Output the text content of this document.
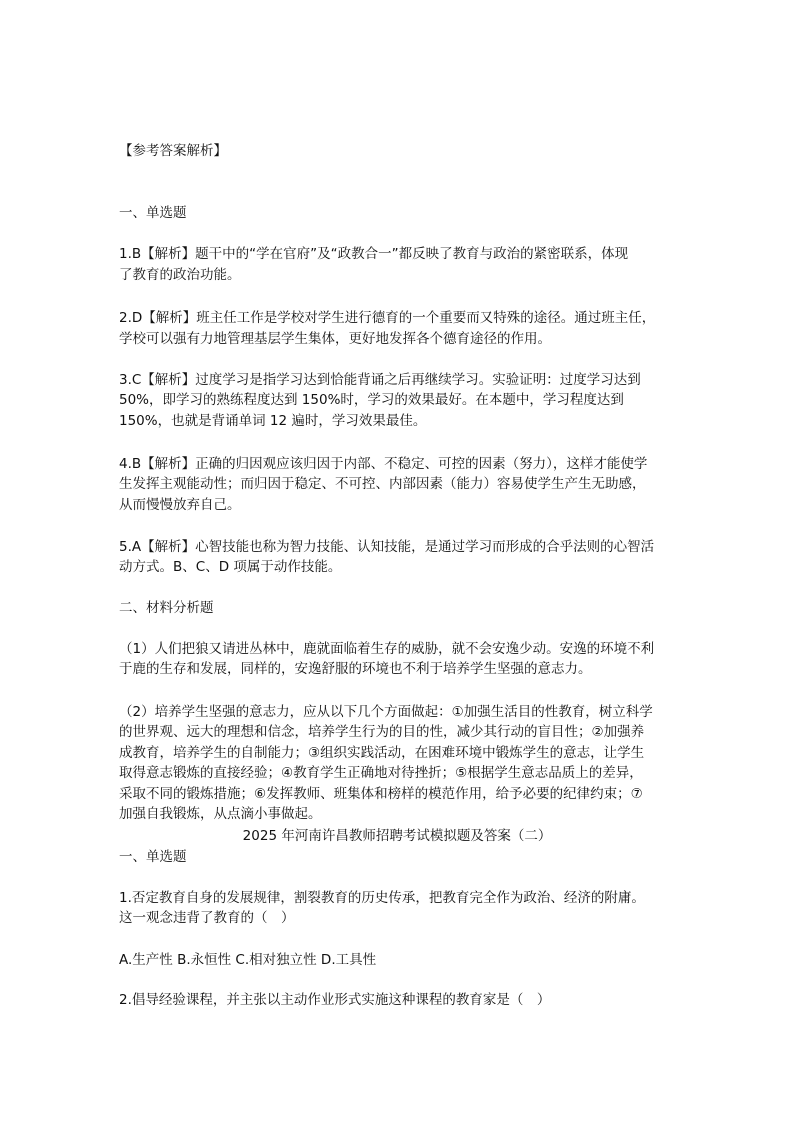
【参考答案解析】
一、单选题
1.B【解析】题干中的“学在官府”及“政教合一”都反映了教育与政治的紧密联系，体现
了教育的政治功能。
2.D【解析】班主任工作是学校对学生进行德育的一个重要而又特殊的途径。通过班主任，
学校可以强有力地管理基层学生集体，更好地发挥各个德育途径的作用。
3.C【解析】过度学习是指学习达到恰能背诵之后再继续学习。实验证明：过度学习达到
50%，即学习的熟练程度达到 150%时，学习的效果最好。在本题中，学习程度达到
150%，也就是背诵单词 12 遍时，学习效果最佳。
4.B【解析】正确的归因观应该归因于内部、不稳定、可控的因素（努力），这样才能使学
生发挥主观能动性；而归因于稳定、不可控、内部因素（能力）容易使学生产生无助感，
从而慢慢放弃自己。
5.A【解析】心智技能也称为智力技能、认知技能，是通过学习而形成的合乎法则的心智活
动方式。B、C、D 项属于动作技能。
二、材料分析题
（1）人们把狼又请进丛林中，鹿就面临着生存的威胁，就不会安逸少动。安逸的环境不利
于鹿的生存和发展，同样的，安逸舒服的环境也不利于培养学生坚强的意志力。
（2）培养学生坚强的意志力，应从以下几个方面做起：①加强生活目的性教育，树立科学
的世界观、远大的理想和信念，培养学生行为的目的性，减少其行动的盲目性；②加强养
成教育，培养学生的自制能力；③组织实践活动，在困难环境中锻炼学生的意志，让学生
取得意志锻炼的直接经验；④教育学生正确地对待挫折；⑤根据学生意志品质上的差异，
采取不同的锻炼措施；⑥发挥教师、班集体和榜样的模范作用，给予必要的纪律约束；⑦
加强自我锻炼，从点滴小事做起。
2025 年河南许昌教师招聘考试模拟题及答案（二）
一、单选题
1.否定教育自身的发展规律，割裂教育的历史传承，把教育完全作为政治、经济的附庸。
这一观念违背了教育的（　）
A.生产性 B.永恒性 C.相对独立性 D.工具性
2.倡导经验课程，并主张以主动作业形式实施这种课程的教育家是（　）
